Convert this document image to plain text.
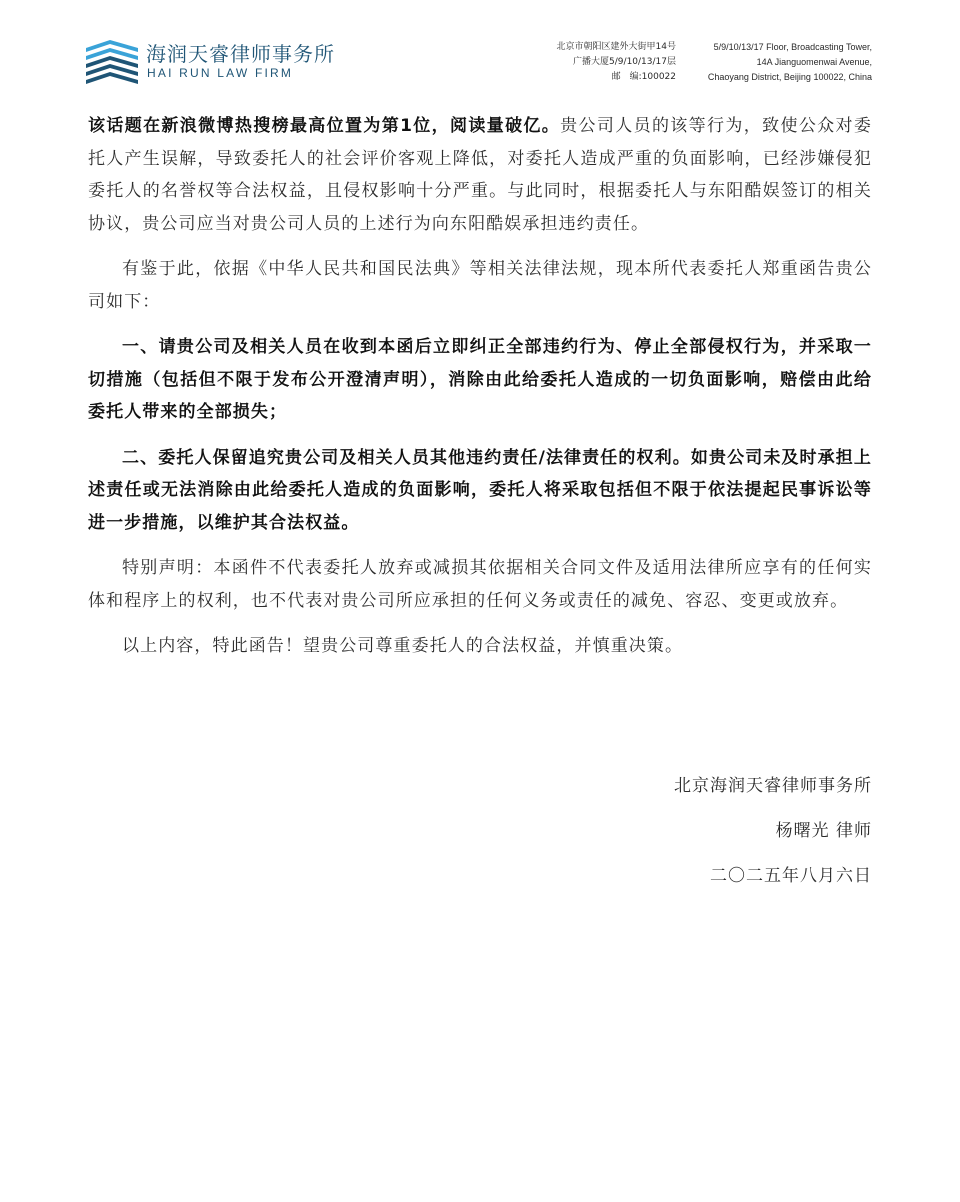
海润天睿律师事务所
HAI RUN LAW FIRM
北京市朝阳区建外大街甲14号
广播大厦5/9/10/13/17层
邮　编:100022
5/9/10/13/17 Floor, Broadcasting Tower,
14A Jianguomenwai Avenue,
Chaoyang District, Beijing 100022, China

该话题在新浪微博热搜榜最高位置为第1位，阅读量破亿。贵公司人员的该等行为，致使公众对委托人产生误解，导致委托人的社会评价客观上降低，对委托人造成严重的负面影响，已经涉嫌侵犯委托人的名誉权等合法权益，且侵权影响十分严重。与此同时，根据委托人与东阳酷娱签订的相关协议，贵公司应当对贵公司人员的上述行为向东阳酷娱承担违约责任。

有鉴于此，依据《中华人民共和国民法典》等相关法律法规，现本所代表委托人郑重函告贵公司如下：

一、请贵公司及相关人员在收到本函后立即纠正全部违约行为、停止全部侵权行为，并采取一切措施（包括但不限于发布公开澄清声明），消除由此给委托人造成的一切负面影响，赔偿由此给委托人带来的全部损失；

二、委托人保留追究贵公司及相关人员其他违约责任/法律责任的权利。如贵公司未及时承担上述责任或无法消除由此给委托人造成的负面影响，委托人将采取包括但不限于依法提起民事诉讼等进一步措施，以维护其合法权益。

特别声明：本函件不代表委托人放弃或减损其依据相关合同文件及适用法律所应享有的任何实体和程序上的权利，也不代表对贵公司所应承担的任何义务或责任的减免、容忍、变更或放弃。

以上内容，特此函告！望贵公司尊重委托人的合法权益，并慎重决策。

北京海润天睿律师事务所
杨曙光 律师
二〇二五年八月六日
